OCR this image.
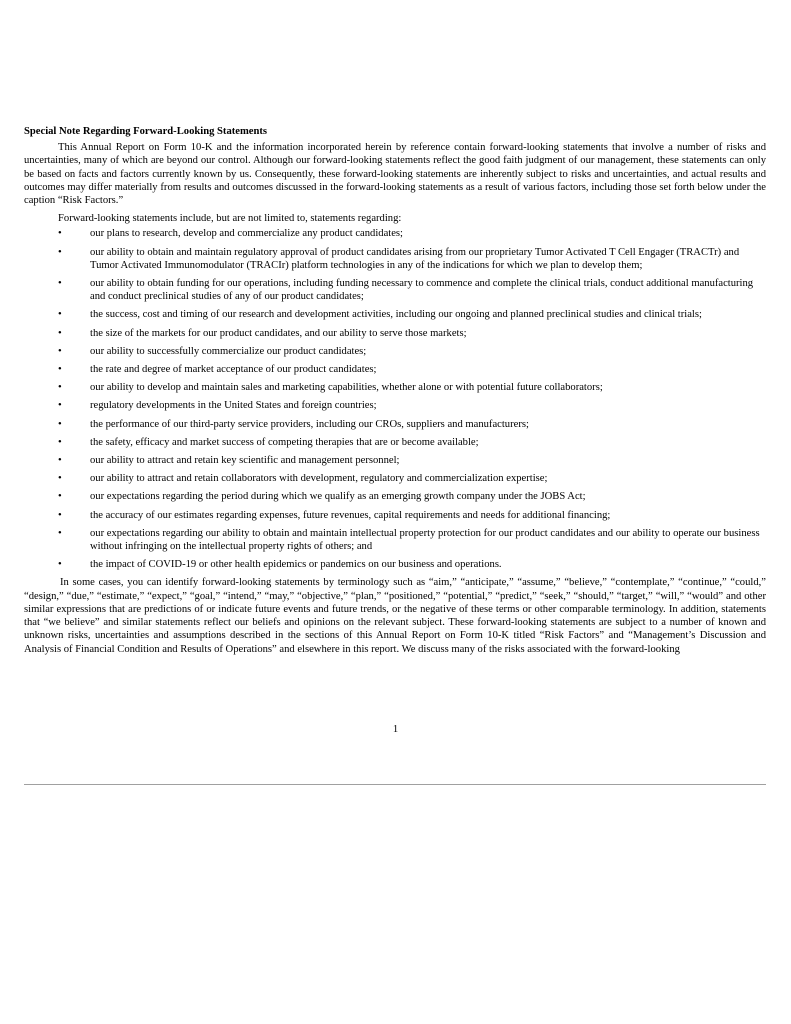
Special Note Regarding Forward-Looking Statements

This Annual Report on Form 10-K and the information incorporated herein by reference contain forward-looking statements that involve a number of risks and uncertainties, many of which are beyond our control. Although our forward-looking statements reflect the good faith judgment of our management, these statements can only be based on facts and factors currently known by us. Consequently, these forward-looking statements are inherently subject to risks and uncertainties, and actual results and outcomes may differ materially from results and outcomes discussed in the forward-looking statements as a result of various factors, including those set forth below under the caption “Risk Factors.”

Forward-looking statements include, but are not limited to, statements regarding:

•	our plans to research, develop and commercialize any product candidates;
•	our ability to obtain and maintain regulatory approval of product candidates arising from our proprietary Tumor Activated T Cell Engager (TRACTr) and Tumor Activated Immunomodulator (TRACIr) platform technologies in any of the indications for which we plan to develop them;
•	our ability to obtain funding for our operations, including funding necessary to commence and complete the clinical trials, conduct additional manufacturing and conduct preclinical studies of any of our product candidates;
•	the success, cost and timing of our research and development activities, including our ongoing and planned preclinical studies and clinical trials;
•	the size of the markets for our product candidates, and our ability to serve those markets;
•	our ability to successfully commercialize our product candidates;
•	the rate and degree of market acceptance of our product candidates;
•	our ability to develop and maintain sales and marketing capabilities, whether alone or with potential future collaborators;
•	regulatory developments in the United States and foreign countries;
•	the performance of our third-party service providers, including our CROs, suppliers and manufacturers;
•	the safety, efficacy and market success of competing therapies that are or become available;
•	our ability to attract and retain key scientific and management personnel;
•	our ability to attract and retain collaborators with development, regulatory and commercialization expertise;
•	our expectations regarding the period during which we qualify as an emerging growth company under the JOBS Act;
•	the accuracy of our estimates regarding expenses, future revenues, capital requirements and needs for additional financing;
•	our expectations regarding our ability to obtain and maintain intellectual property protection for our product candidates and our ability to operate our business without infringing on the intellectual property rights of others; and
•	the impact of COVID-19 or other health epidemics or pandemics on our business and operations.

In some cases, you can identify forward-looking statements by terminology such as “aim,” “anticipate,” “assume,” “believe,” “contemplate,” “continue,” “could,” “design,” “due,” “estimate,” “expect,” “goal,” “intend,” “may,” “objective,” “plan,” “positioned,” “potential,” “predict,” “seek,” “should,” “target,” “will,” “would” and other similar expressions that are predictions of or indicate future events and future trends, or the negative of these terms or other comparable terminology. In addition, statements that “we believe” and similar statements reflect our beliefs and opinions on the relevant subject. These forward-looking statements are subject to a number of known and unknown risks, uncertainties and assumptions described in the sections of this Annual Report on Form 10-K titled “Risk Factors” and “Management’s Discussion and Analysis of Financial Condition and Results of Operations” and elsewhere in this report. We discuss many of the risks associated with the forward-looking

1
